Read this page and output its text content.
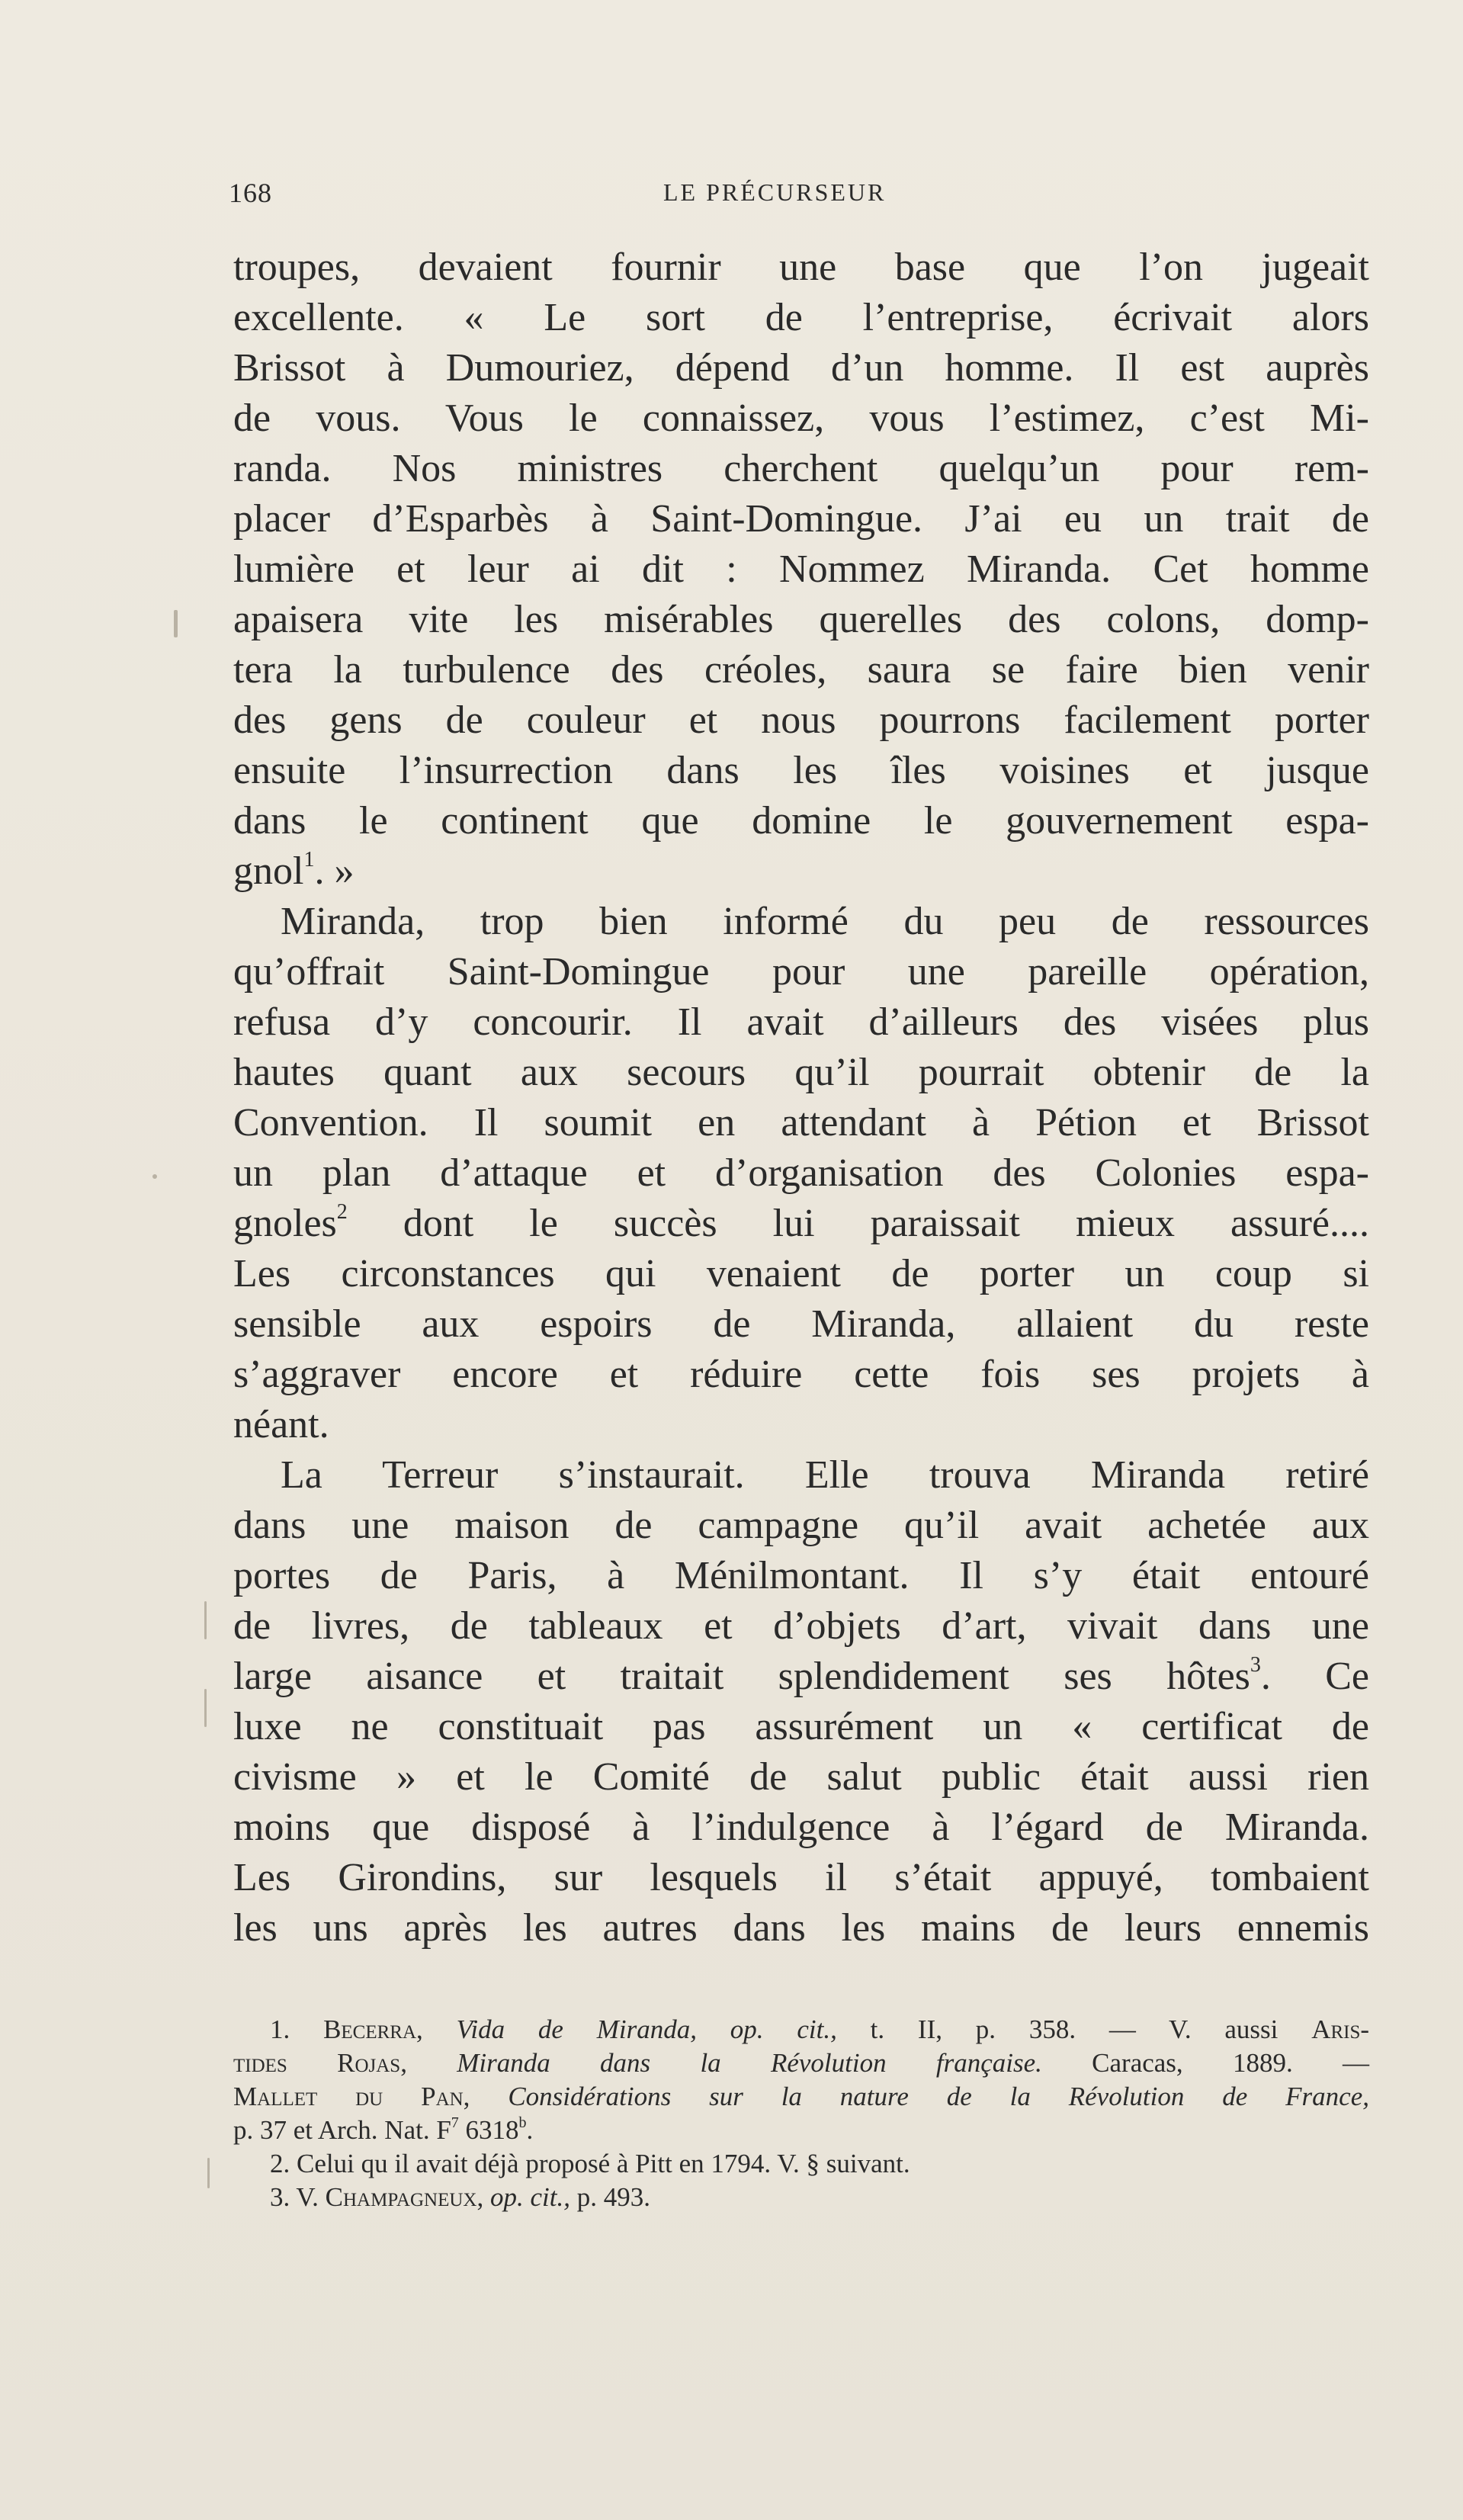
168	LE PRÉCURSEUR
troupes, devaient fournir une base que l’on jugeait
excellente. « Le sort de l’entreprise, écrivait alors
Brissot à Dumouriez, dépend d’un homme. Il est auprès
de vous. Vous le connaissez, vous l’estimez, c’est Mi-
randa. Nos ministres cherchent quelqu’un pour rem-
placer d’Esparbès à Saint-Domingue. J’ai eu un trait de
lumière et leur ai dit : Nommez Miranda. Cet homme
apaisera vite les misérables querelles des colons, domp-
tera la turbulence des créoles, saura se faire bien venir
des gens de couleur et nous pourrons facilement porter
ensuite l’insurrection dans les îles voisines et jusque
dans le continent que domine le gouvernement espa-
gnol$^1$. »
Miranda, trop bien informé du peu de ressources
qu’offrait Saint-Domingue pour une pareille opération,
refusa d’y concourir. Il avait d’ailleurs des visées plus
hautes quant aux secours qu’il pourrait obtenir de la
Convention. Il soumit en attendant à Pétion et Brissot
un plan d’attaque et d’organisation des Colonies espa-
gnoles$^2$ dont le succès lui paraissait mieux assuré....
Les circonstances qui venaient de porter un coup si
sensible aux espoirs de Miranda, allaient du reste
s’aggraver encore et réduire cette fois ses projets à
néant.
La Terreur s’instaurait. Elle trouva Miranda retiré
dans une maison de campagne qu’il avait achetée aux
portes de Paris, à Ménilmontant. Il s’y était entouré
de livres, de tableaux et d’objets d’art, vivait dans une
large aisance et traitait splendidement ses hôtes$^3$. Ce
luxe ne constituait pas assurément un « certificat de
civisme » et le Comité de salut public était aussi rien
moins que disposé à l’indulgence à l’égard de Miranda.
Les Girondins, sur lesquels il s’était appuyé, tombaient
les uns après les autres dans les mains de leurs ennemis
1. Becerra, Vida de Miranda, op. cit., t. II, p. 358. — V. aussi Aris-
tides Rojas, Miranda dans la Révolution française. Caracas, 1889. —
Mallet du Pan, Considérations sur la nature de la Révolution de France,
p. 37 et Arch. Nat. $F^7$ 6318$^b$.
2. Celui qu il avait déjà proposé à Pitt en 1794. V. § suivant.
3. V. Champagneux, op. cit., p. 493.
